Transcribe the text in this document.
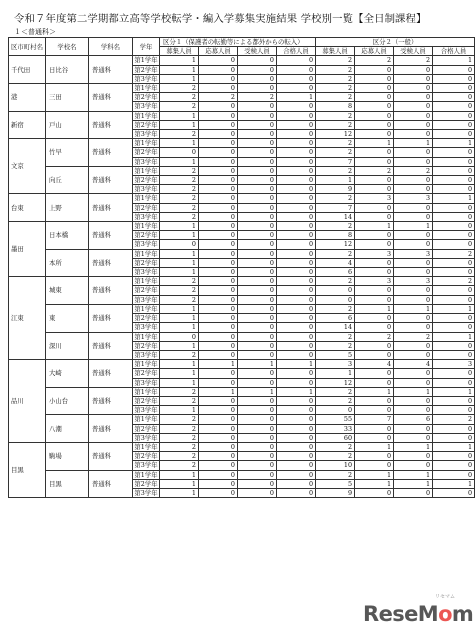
令和７年度第二学期都立高等学校転学・編入学募集実施結果 学校別一覧【全日制課程】
１＜普通科＞
区市町村名	学校名	学科名	学年	区分１（保護者の転勤等による都外からの転入）				区分２（一般）			
				募集人員	応募人員	受検人員	合格人員	募集人員	応募人員	受検人員	合格人員
千代田	日比谷	普通科	第1学年	1	0	0	0	2	2	2	1
			第2学年	1	0	0	0	2	0	0	0
			第3学年	1	0	0	0	2	0	0	0
港	三田	普通科	第1学年	2	0	0	0	2	0	0	0
			第2学年	2	2	2	1	2	0	0	0
			第3学年	2	0	0	0	8	0	0	0
新宿	戸山	普通科	第1学年	1	0	0	0	2	0	0	0
			第2学年	1	0	0	0	2	0	0	0
			第3学年	2	0	0	0	12	0	0	0
文京	竹早	普通科	第1学年	1	0	0	0	2	1	1	1
			第2学年	0	0	0	0	2	0	0	0
			第3学年	1	0	0	0	7	0	0	0
	向丘	普通科	第1学年	2	0	0	0	2	2	2	0
			第2学年	2	0	0	0	1	0	0	0
			第3学年	2	0	0	0	9	0	0	0
台東	上野	普通科	第1学年	2	0	0	0	2	3	3	1
			第2学年	2	0	0	0	7	0	0	0
			第3学年	2	0	0	0	14	0	0	0
墨田	日本橋	普通科	第1学年	1	0	0	0	2	1	1	0
			第2学年	1	0	0	0	8	0	0	0
			第3学年	0	0	0	0	12	0	0	0
	本所	普通科	第1学年	1	0	0	0	2	3	3	2
			第2学年	1	0	0	0	4	0	0	0
			第3学年	1	0	0	0	6	0	0	0
江東	城東	普通科	第1学年	2	0	0	0	2	3	3	2
			第2学年	2	0	0	0	0	0	0	0
			第3学年	2	0	0	0	0	0	0	0
	東	普通科	第1学年	1	0	0	0	2	1	1	1
			第2学年	1	0	0	0	6	0	0	0
			第3学年	1	0	0	0	14	0	0	0
	深川	普通科	第1学年	0	0	0	0	2	2	2	1
			第2学年	1	0	0	0	2	0	0	0
			第3学年	2	0	0	0	5	0	0	0
品川	大崎	普通科	第1学年	1	1	1	1	3	4	4	3
			第2学年	1	0	0	0	1	0	0	0
			第3学年	1	0	0	0	12	0	0	0
	小山台	普通科	第1学年	2	1	1	1	2	1	1	1
			第2学年	2	0	0	0	2	0	0	0
			第3学年	1	0	0	0	0	0	0	0
	八潮	普通科	第1学年	2	0	0	0	55	7	6	2
			第2学年	2	0	0	0	33	0	0	0
			第3学年	2	0	0	0	60	0	0	0
目黒	駒場	普通科	第1学年	2	0	0	0	2	1	1	1
			第2学年	2	0	0	0	2	0	0	0
			第3学年	2	0	0	0	10	0	0	0
	目黒	普通科	第1学年	1	0	0	0	2	1	1	0
			第2学年	1	0	0	0	5	1	1	1
			第3学年	1	0	0	0	9	0	0	0
リセマム
ReseMom
